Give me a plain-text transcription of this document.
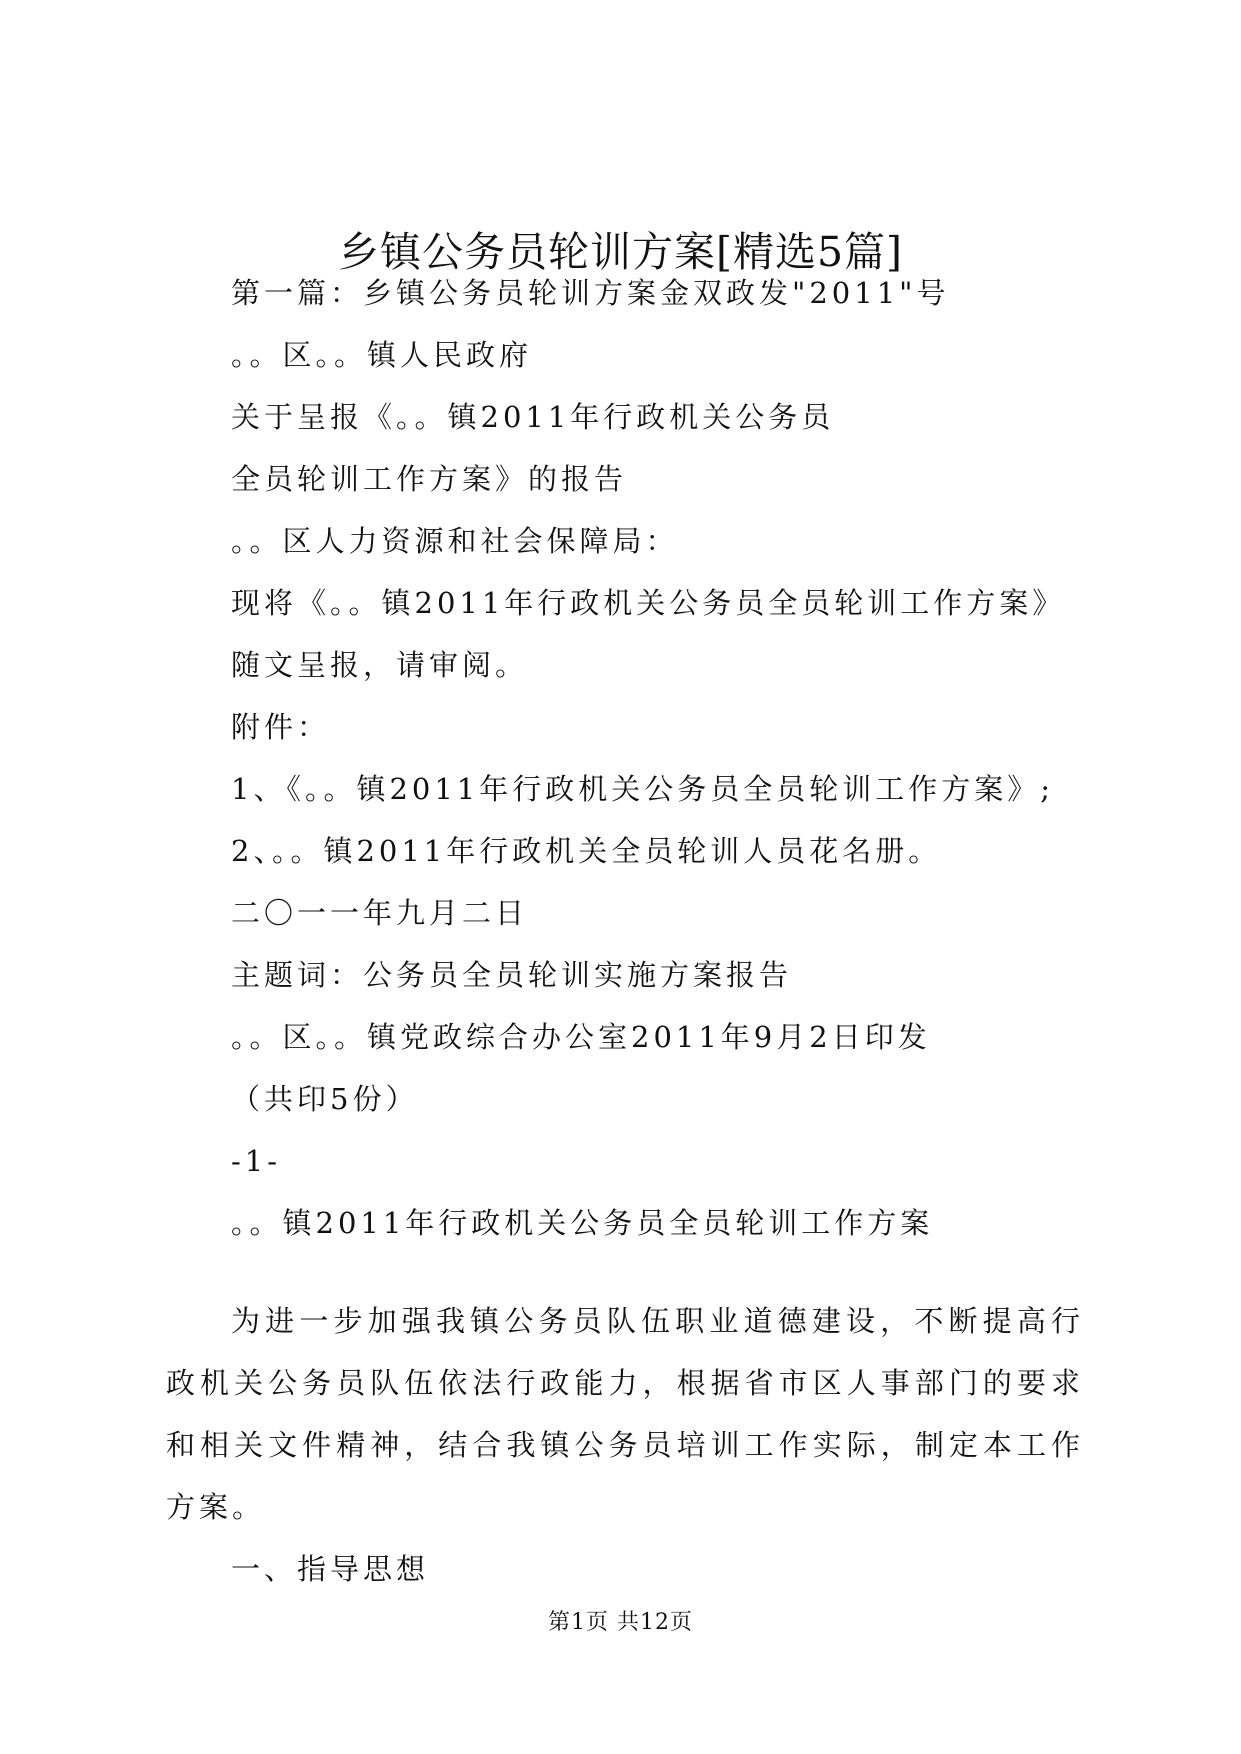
乡镇公务员轮训方案[精选5篇]
第一篇：乡镇公务员轮训方案金双政发"2011"号
。。区。。镇人民政府
关于呈报《。。镇2011年行政机关公务员
全员轮训工作方案》的报告
。。区人力资源和社会保障局：
现将《。。镇2011年行政机关公务员全员轮训工作方案》
随文呈报，请审阅。
附件：
1、《。。镇2011年行政机关公务员全员轮训工作方案》;
2、。。镇2011年行政机关全员轮训人员花名册。
二〇一一年九月二日
主题词：公务员全员轮训实施方案报告
。。区。。镇党政综合办公室2011年9月2日印发
（共印5份）
-1-
。。镇2011年行政机关公务员全员轮训工作方案

为进一步加强我镇公务员队伍职业道德建设，不断提高行政机关公务员队伍依法行政能力，根据省市区人事部门的要求和相关文件精神，结合我镇公务员培训工作实际，制定本工作方案。

一、指导思想

第1页 共12页
